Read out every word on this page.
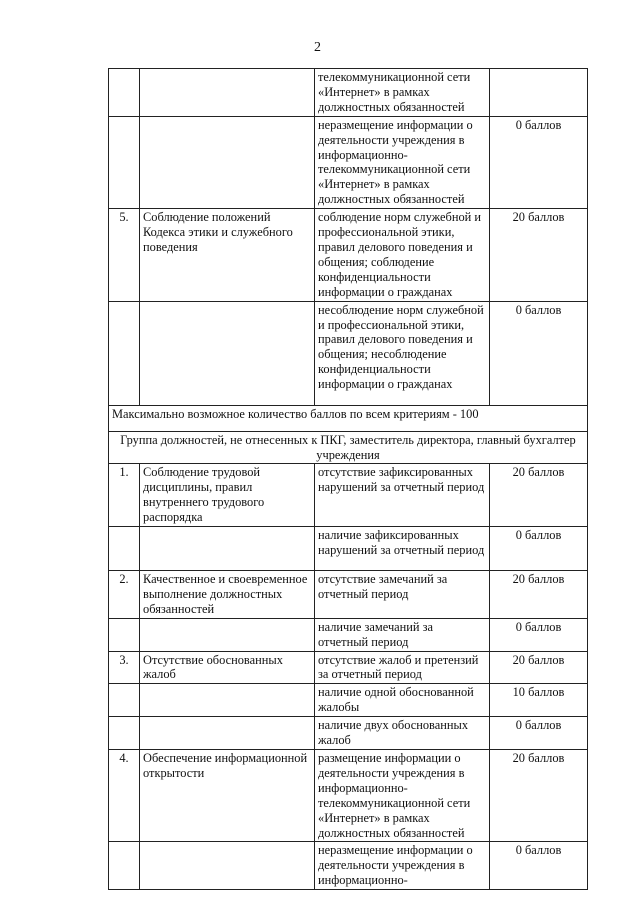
2
		телекоммуникационной сети «Интернет» в рамках должностных обязанностей	
		неразмещение информации о деятельности учреждения в информационно-телекоммуникационной сети «Интернет» в рамках должностных обязанностей	0 баллов
5.	Соблюдение положений Кодекса этики и служебного поведения	соблюдение норм служебной и профессиональной этики, правил делового поведения и общения; соблюдение конфиденциальности информации о гражданах	20 баллов
		несоблюдение норм служебной и профессиональной этики, правил делового поведения и общения; несоблюдение конфиденциальности информации о гражданах	0 баллов
Максимально возможное количество баллов по всем критериям - 100			
Группа должностей, не отнесенных к ПКГ, заместитель директора, главный бухгалтер учреждения			
1.	Соблюдение трудовой дисциплины, правил внутреннего трудового распорядка	отсутствие зафиксированных нарушений за отчетный период	20 баллов
		наличие зафиксированных нарушений за отчетный период	0 баллов
2.	Качественное и своевременное выполнение должностных обязанностей	отсутствие замечаний за отчетный период	20 баллов
		наличие замечаний за отчетный период	0 баллов
3.	Отсутствие обоснованных жалоб	отсутствие жалоб и претензий за отчетный период	20 баллов
		наличие одной обоснованной жалобы	10 баллов
		наличие двух обоснованных жалоб	0 баллов
4.	Обеспечение информационной открытости	размещение информации о деятельности учреждения в информационно-телекоммуникационной сети «Интернет» в рамках должностных обязанностей	20 баллов
		неразмещение информации о деятельности учреждения в информационно-	0 баллов
